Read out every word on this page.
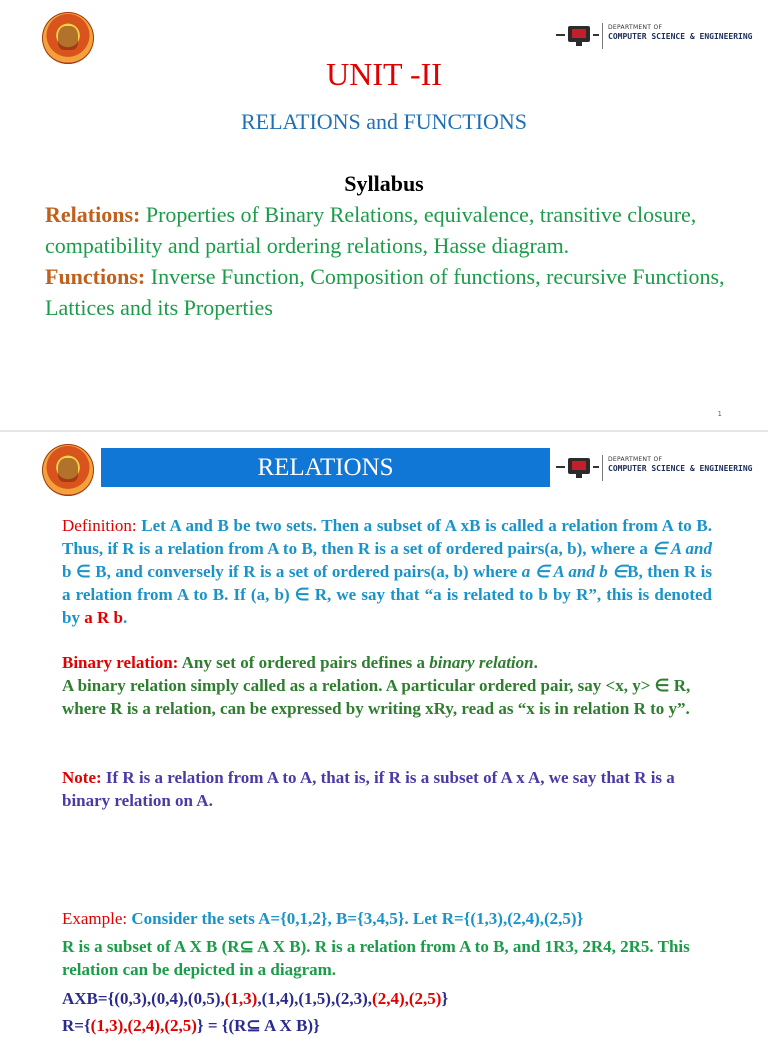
DEPARTMENT OF
COMPUTER SCIENCE & ENGINEERING
UNIT -II
RELATIONS and FUNCTIONS
Syllabus
Relations: Properties of Binary Relations, equivalence, transitive closure, compatibility and partial ordering relations, Hasse diagram.
Functions: Inverse Function, Composition of functions, recursive Functions, Lattices and its Properties
1
RELATIONS	DEPARTMENT OF
COMPUTER SCIENCE & ENGINEERING
Definition: Let A and B be two sets. Then a subset of A xB is called a relation from A to B. Thus, if R is a relation from A to B, then R is a set of ordered pairs(a, b), where a ∈ A and b ∈ B, and conversely if R is a set of ordered pairs(a, b) where a ∈ A and b ∈B, then R is a relation from A to B. If (a, b) ∈ R, we say that “a is related to b by R”, this is denoted by a R b.
Binary relation: Any set of ordered pairs defines a binary relation.
A binary relation simply called as a relation. A particular ordered pair, say <x, y> ∈ R, where R is a relation, can be expressed by writing xRy, read as “x is in relation R to y”.
Note: If R is a relation from A to A, that is, if R is a subset of A x A, we say that R is a binary relation on A.
Example: Consider the sets A={0,1,2}, B={3,4,5}. Let R={(1,3),(2,4),(2,5)}
R is a subset of A X B (R⊆ A X B). R is a relation from A to B, and 1R3, 2R4, 2R5. This relation can be depicted in a diagram.
AXB={(0,3),(0,4),(0,5),(1,3),(1,4),(1,5),(2,3),(2,4),(2,5)}
R={(1,3),(2,4),(2,5)} = {(R⊆ A X B)}
